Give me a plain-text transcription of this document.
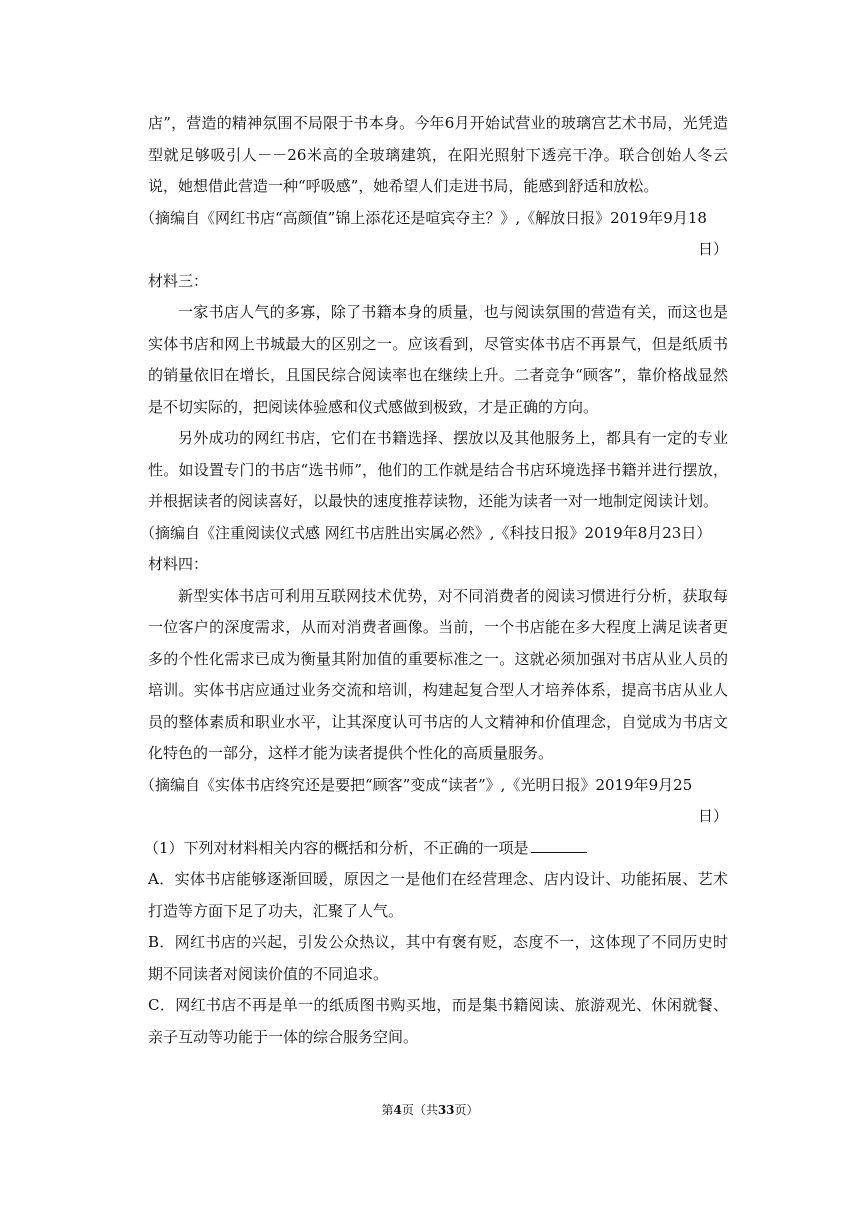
店”，营造的精神氛围不局限于书本身。今年6月开始试营业的玻璃宫艺术书局，光凭造型就足够吸引人－－26米高的全玻璃建筑，在阳光照射下透亮干净。联合创始人冬云说，她想借此营造一种“呼吸感”，她希望人们走进书局，能感到舒适和放松。

（摘编自《网红书店“高颜值”锦上添花还是喧宾夺主？》,《解放日报》2019年9月18

日）

材料三：

一家书店人气的多寡，除了书籍本身的质量，也与阅读氛围的营造有关，而这也是实体书店和网上书城最大的区别之一。应该看到，尽管实体书店不再景气，但是纸质书的销量依旧在增长，且国民综合阅读率也在继续上升。二者竞争“顾客”，靠价格战显然是不切实际的，把阅读体验感和仪式感做到极致，才是正确的方向。

另外成功的网红书店，它们在书籍选择、摆放以及其他服务上，都具有一定的专业性。如设置专门的书店“选书师”，他们的工作就是结合书店环境选择书籍并进行摆放，并根据读者的阅读喜好，以最快的速度推荐读物，还能为读者一对一地制定阅读计划。

（摘编自《注重阅读仪式感 网红书店胜出实属必然》,《科技日报》2019年8月23日）

材料四：

新型实体书店可利用互联网技术优势，对不同消费者的阅读习惯进行分析，获取每一位客户的深度需求，从而对消费者画像。当前，一个书店能在多大程度上满足读者更多的个性化需求已成为衡量其附加值的重要标准之一。这就必须加强对书店从业人员的培训。实体书店应通过业务交流和培训，构建起复合型人才培养体系，提高书店从业人员的整体素质和职业水平，让其深度认可书店的人文精神和价值理念，自觉成为书店文化特色的一部分，这样才能为读者提供个性化的高质量服务。

（摘编自《实体书店终究还是要把“顾客”变成“读者”》,《光明日报》2019年9月25

日）

（1）下列对材料相关内容的概括和分析，不正确的一项是

A．实体书店能够逐渐回暖，原因之一是他们在经营理念、店内设计、功能拓展、艺术打造等方面下足了功夫，汇聚了人气。

B．网红书店的兴起，引发公众热议，其中有褒有贬，态度不一，这体现了不同历史时期不同读者对阅读价值的不同追求。

C．网红书店不再是单一的纸质图书购买地，而是集书籍阅读、旅游观光、休闲就餐、亲子互动等功能于一体的综合服务空间。

第4页（共33页）
